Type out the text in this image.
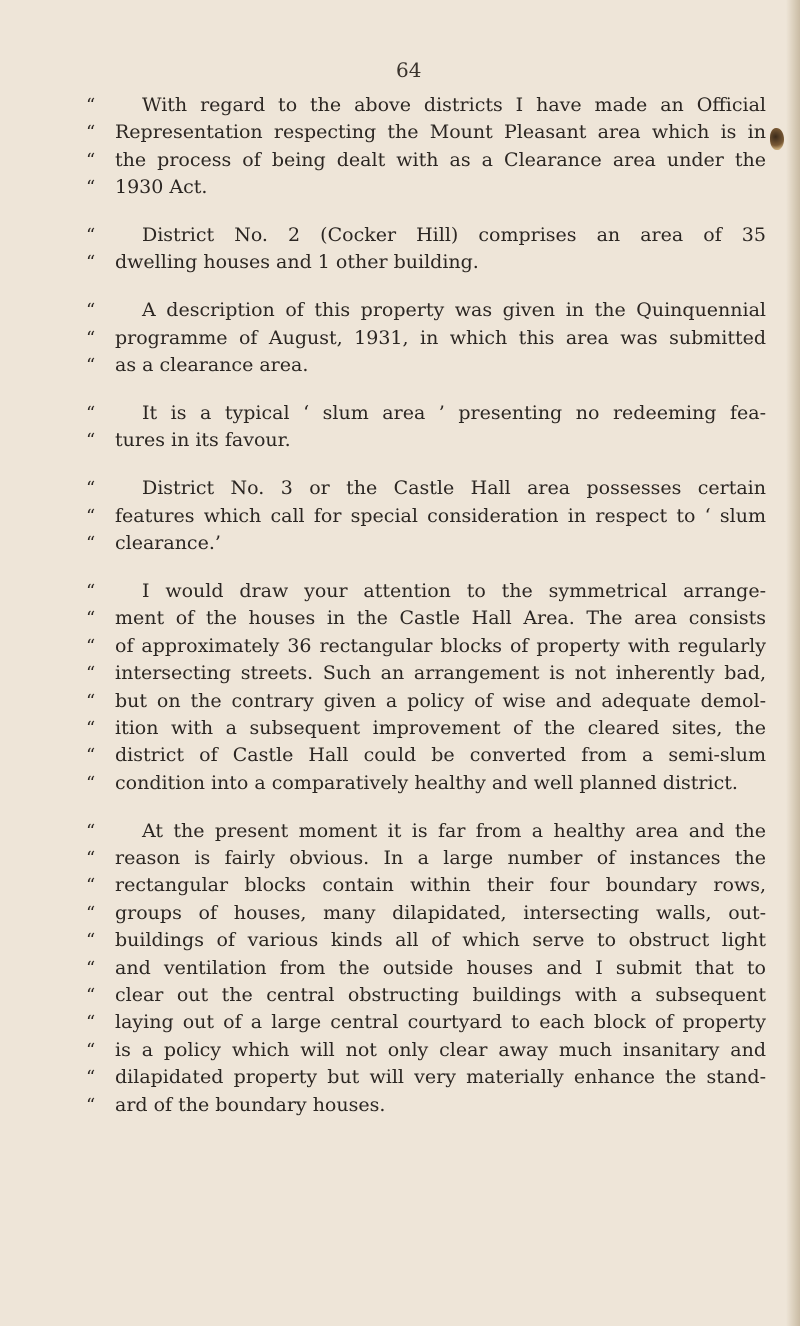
64
“ With regard to the above districts I have made an Official
“ Representation respecting the Mount Pleasant area which is in
“ the process of being dealt with as a Clearance area under the
“ 1930 Act.
“ District No. 2 (Cocker Hill) comprises an area of 35
“ dwelling houses and 1 other building.
“ A description of this property was given in the Quinquennial
“ programme of August, 1931, in which this area was submitted
“ as a clearance area.
“ It is a typical ‘ slum area ’ presenting no redeeming fea-
“ tures in its favour.
“ District No. 3 or the Castle Hall area possesses certain
“ features which call for special consideration in respect to ‘ slum
“ clearance.’
“ I would draw your attention to the symmetrical arrange-
“ ment of the houses in the Castle Hall Area. The area consists
“ of approximately 36 rectangular blocks of property with regularly
“ intersecting streets. Such an arrangement is not inherently bad,
“ but on the contrary given a policy of wise and adequate demol-
“ ition with a subsequent improvement of the cleared sites, the
“ district of Castle Hall could be converted from a semi-slum
“ condition into a comparatively healthy and well planned district.
“ At the present moment it is far from a healthy area and the
“ reason is fairly obvious. In a large number of instances the
“ rectangular blocks contain within their four boundary rows,
“ groups of houses, many dilapidated, intersecting walls, out-
“ buildings of various kinds all of which serve to obstruct light
“ and ventilation from the outside houses and I submit that to
“ clear out the central obstructing buildings with a subsequent
“ laying out of a large central courtyard to each block of property
“ is a policy which will not only clear away much insanitary and
“ dilapidated property but will very materially enhance the stand-
“ ard of the boundary houses.
